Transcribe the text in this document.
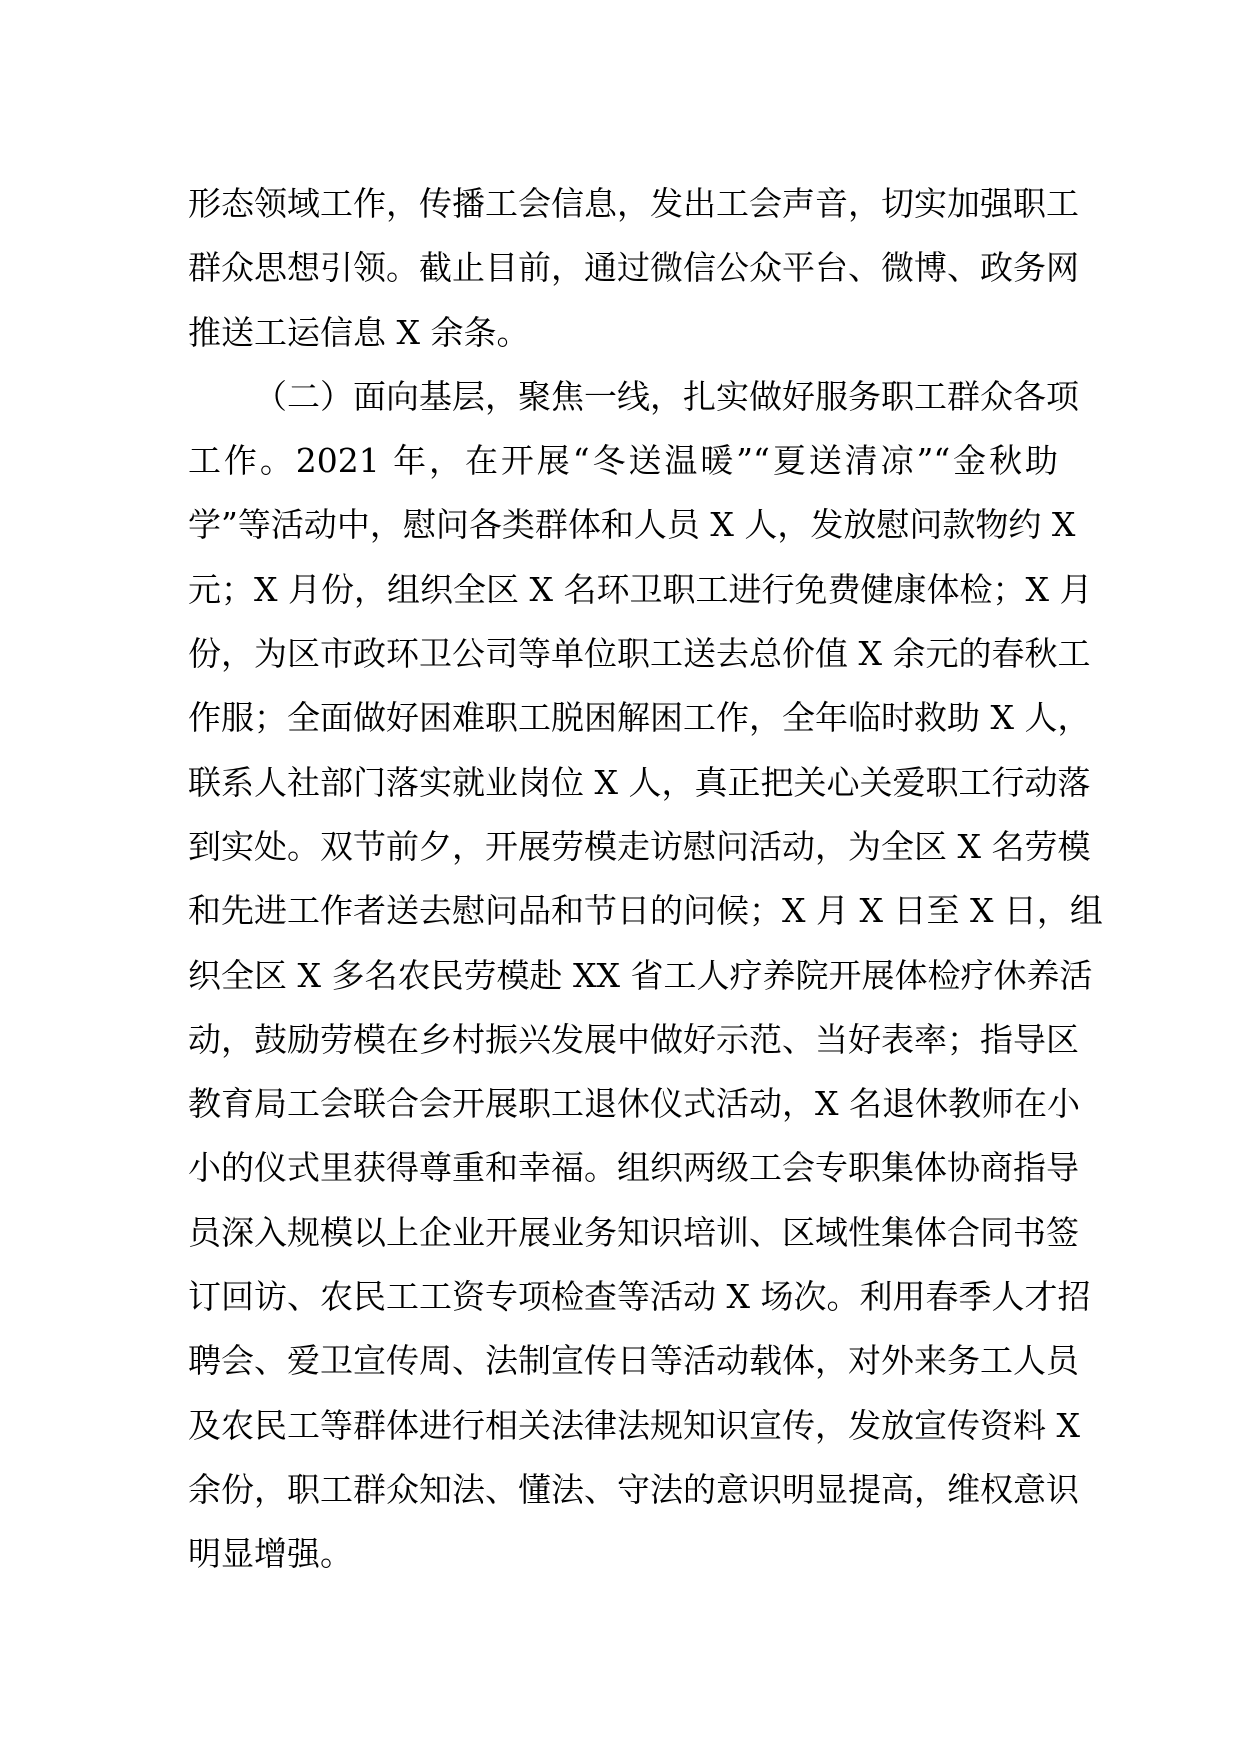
形态领域工作，传播工会信息，发出工会声音，切实加强职工
群众思想引领。截止目前，通过微信公众平台、微博、政务网
推送工运信息 X 余条。
（二）面向基层，聚焦一线，扎实做好服务职工群众各项
工作。2021 年，在开展“冬送温暖”“夏送清凉”“金秋助
学”等活动中，慰问各类群体和人员 X 人，发放慰问款物约 X
元；X 月份，组织全区 X 名环卫职工进行免费健康体检；X 月
份，为区市政环卫公司等单位职工送去总价值 X 余元的春秋工
作服；全面做好困难职工脱困解困工作，全年临时救助 X 人，
联系人社部门落实就业岗位 X 人，真正把关心关爱职工行动落
到实处。双节前夕，开展劳模走访慰问活动，为全区 X 名劳模
和先进工作者送去慰问品和节日的问候；X 月 X 日至 X 日，组
织全区 X 多名农民劳模赴 XX 省工人疗养院开展体检疗休养活
动，鼓励劳模在乡村振兴发展中做好示范、当好表率；指导区
教育局工会联合会开展职工退休仪式活动，X 名退休教师在小
小的仪式里获得尊重和幸福。组织两级工会专职集体协商指导
员深入规模以上企业开展业务知识培训、区域性集体合同书签
订回访、农民工工资专项检查等活动 X 场次。利用春季人才招
聘会、爱卫宣传周、法制宣传日等活动载体，对外来务工人员
及农民工等群体进行相关法律法规知识宣传，发放宣传资料 X
余份，职工群众知法、懂法、守法的意识明显提高，维权意识
明显增强。
